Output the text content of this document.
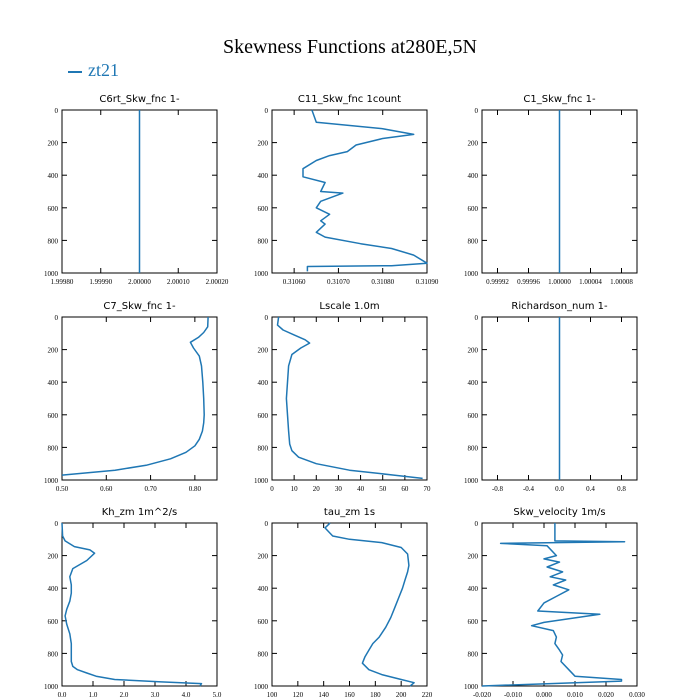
Skewness Functions at280E,5N
zt21
C6rt_Skw_fnc 1-
1.99980 1.99990 2.00000 2.00010 2.00020
0
200
400
600
800
1000
C11_Skw_fnc 1count
0.31060	0.31070	0.31080	0.31090
0
200
400
600
800
1000
C1_Skw_fnc 1-
0.99992 0.99996 1.00000 1.00004 1.00008
0
200
400
600
800
1000
C7_Skw_fnc 1-
0.50	0.60	0.70	0.80
0
200
400
600
800
1000
Lscale 1.0m
0 10 20 30 40 50 60 70
0
200
400
600
800
1000
Richardson_num 1-
-0.8	-0.4	0.0	0.4	0.8
0
200
400
600
800
1000
Kh_zm 1m^2/s
0.0	1.0	2.0	3.0	4.0	5.0
0
200
400
600
800
1000
tau_zm 1s
100 120 140 160 180 200 220
0
200
400
600
800
1000
Skw_velocity 1m/s
-0.020 -0.010 0.000 0.010 0.020 0.030
0
200
400
600
800
1000
